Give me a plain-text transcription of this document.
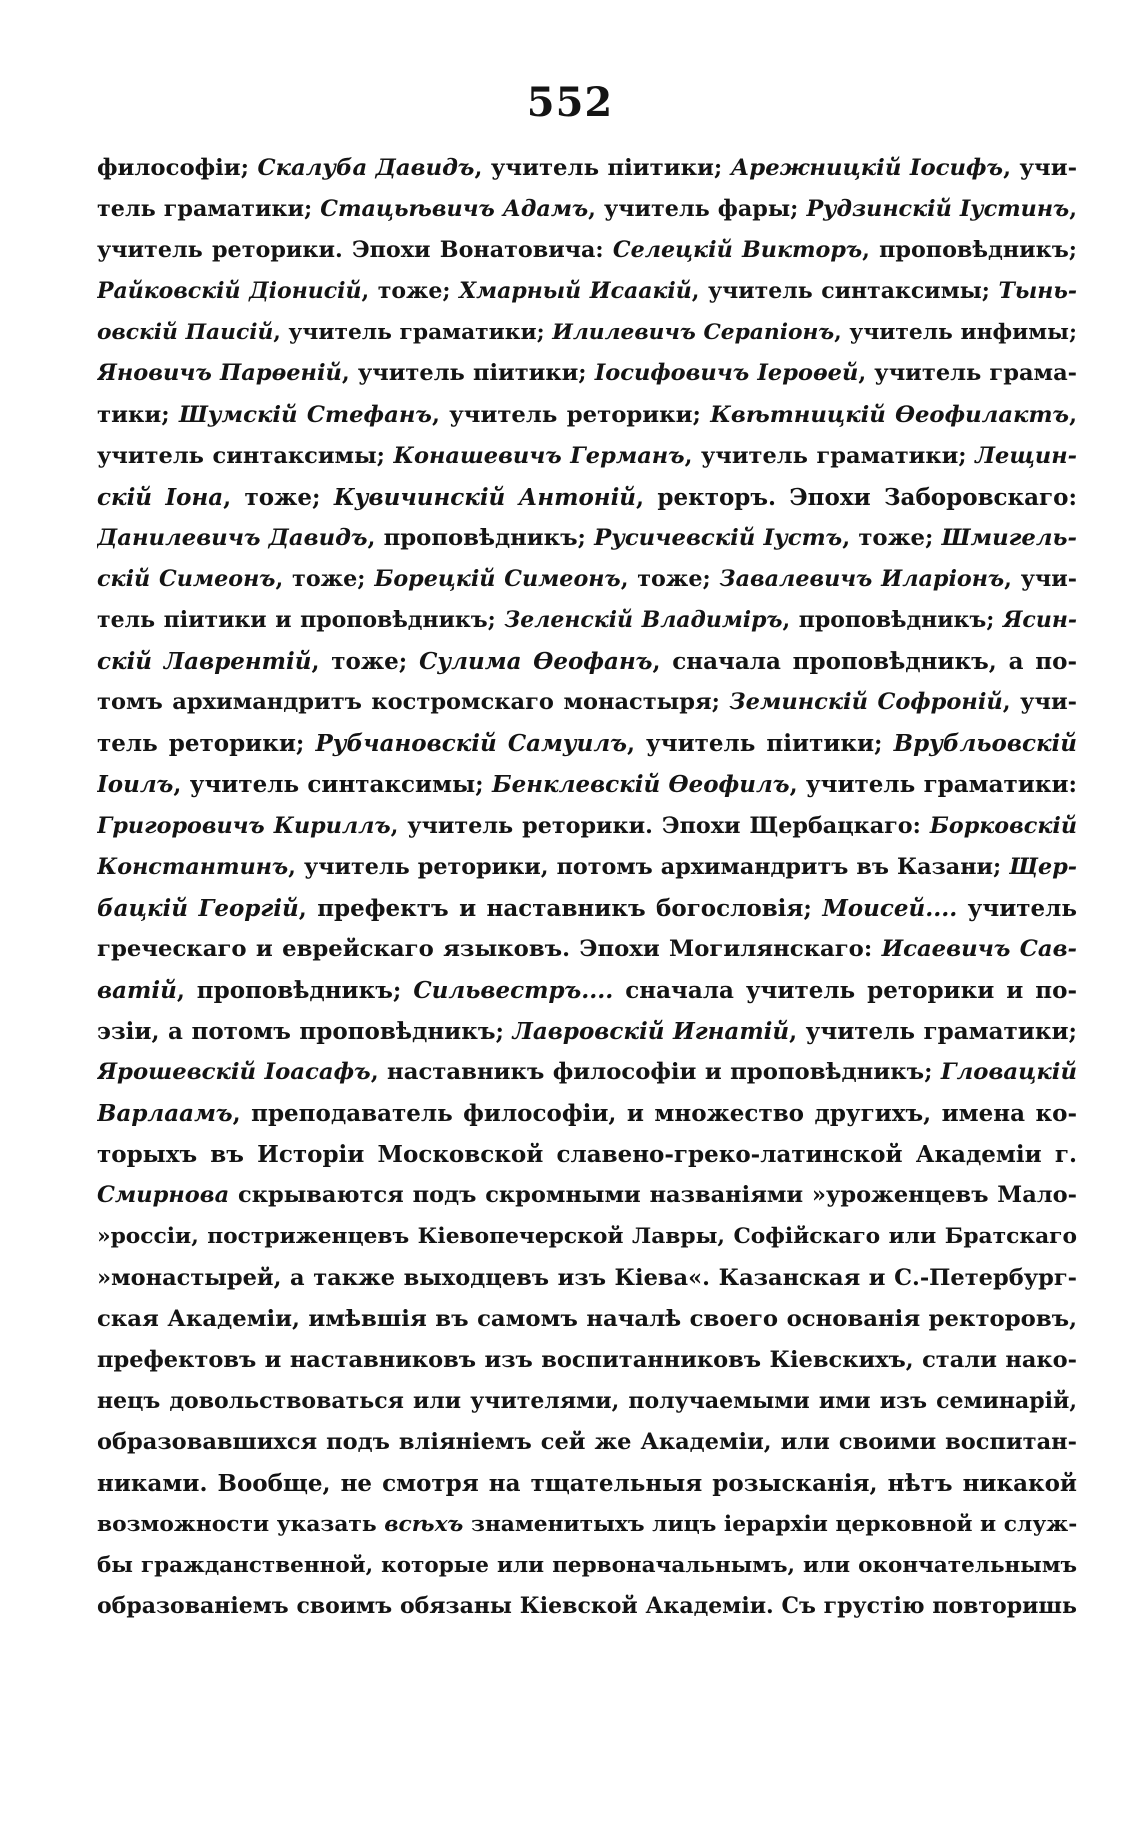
552
философіи; Скалуба Давидъ, учитель піитики; Арежницкій Іосифъ, учи-
тель граматики; Стацьѣвичъ Адамъ, учитель фары; Рудзинскій Іустинъ,
учитель реторики. Эпохи Вонатовича: Селецкій Викторъ, проповѣдникъ;
Райковскій Діонисій, тоже; Хмарный Исаакій, учитель синтаксимы; Тынь-
овскій Паисій, учитель граматики; Илилевичъ Серапіонъ, учитель инфимы;
Яновичъ Парѳеній, учитель піитики; Іосифовичъ Іероѳей, учитель грама-
тики; Шумскій Стефанъ, учитель реторики; Квѣтницкій Ѳеофилактъ,
учитель синтаксимы; Конашевичъ Германъ, учитель граматики; Лещин-
скій Іона, тоже; Кувичинскій Антоній, ректоръ. Эпохи Заборовскаго:
Данилевичъ Давидъ, проповѣдникъ; Русичевскій Іустъ, тоже; Шмигель-
скій Симеонъ, тоже; Борецкій Симеонъ, тоже; Завалевичъ Иларіонъ, учи-
тель піитики и проповѣдникъ; Зеленскій Владиміръ, проповѣдникъ; Ясин-
скій Лаврентій, тоже; Сулима Ѳеофанъ, сначала проповѣдникъ, а по-
томъ архимандритъ костромскаго монастыря; Земинскій Софроній, учи-
тель реторики; Рубчановскій Самуилъ, учитель піитики; Врубльовскій
Іоилъ, учитель синтаксимы; Бенклевскій Ѳеофилъ, учитель граматики:
Григоровичъ Кириллъ, учитель реторики. Эпохи Щербацкаго: Борковскій
Константинъ, учитель реторики, потомъ архимандритъ въ Казани; Щер-
бацкій Георгій, префектъ и наставникъ богословія; Моисей.... учитель
греческаго и еврейскаго языковъ. Эпохи Могилянскаго: Исаевичъ Сав-
ватій, проповѣдникъ; Сильвестръ.... сначала учитель реторики и по-
эзіи, а потомъ проповѣдникъ; Лавровскій Игнатій, учитель граматики;
Ярошевскій Іоасафъ, наставникъ философіи и проповѣдникъ; Гловацкій
Варлаамъ, преподаватель философіи, и множество другихъ, имена ко-
торыхъ въ Исторіи Московской славено-греко-латинской Академіи г.
Смирнова скрываются подъ скромными названіями »уроженцевъ Мало-
»россіи, постриженцевъ Кіевопечерской Лавры, Софійскаго или Братскаго
»монастырей, а также выходцевъ изъ Кіева«. Казанская и С.-Петербург-
ская Академіи, имѣвшія въ самомъ началѣ своего основанія ректоровъ,
префектовъ и наставниковъ изъ воспитанниковъ Кіевскихъ, стали нако-
нецъ довольствоваться или учителями, получаемыми ими изъ семинарій,
образовавшихся подъ вліяніемъ сей же Академіи, или своими воспитан-
никами. Вообще, не смотря на тщательныя розысканія, нѣтъ никакой
возможности указать всѣхъ знаменитыхъ лицъ іерархіи церковной и служ-
бы гражданственной, которые или первоначальнымъ, или окончательнымъ
образованіемъ своимъ обязаны Кіевской Академіи. Съ грустію повторишь
